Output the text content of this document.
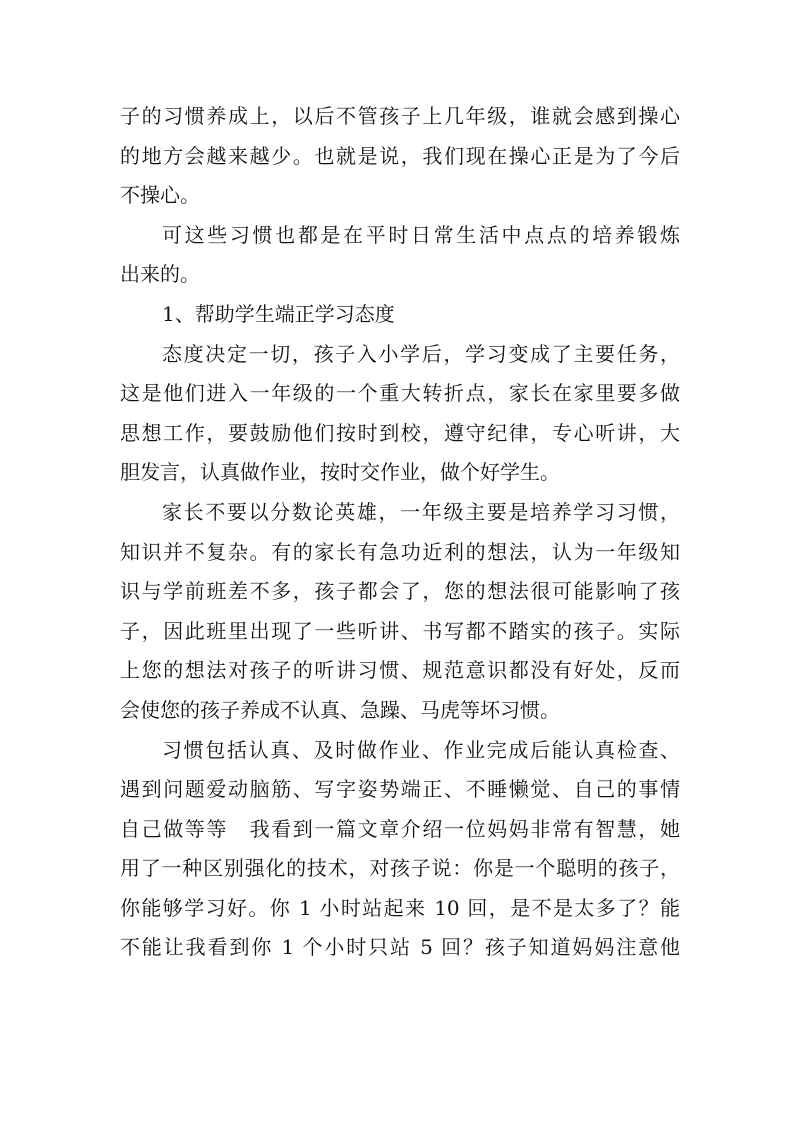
子的习惯养成上，以后不管孩子上几年级，谁就会感到操心
的地方会越来越少。也就是说，我们现在操心正是为了今后
不操心。
可这些习惯也都是在平时日常生活中点点的培养锻炼
出来的。
1、帮助学生端正学习态度
态度决定一切，孩子入小学后，学习变成了主要任务，
这是他们进入一年级的一个重大转折点，家长在家里要多做
思想工作，要鼓励他们按时到校，遵守纪律，专心听讲，大
胆发言，认真做作业，按时交作业，做个好学生。
家长不要以分数论英雄，一年级主要是培养学习习惯，
知识并不复杂。有的家长有急功近利的想法，认为一年级知
识与学前班差不多，孩子都会了，您的想法很可能影响了孩
子，因此班里出现了一些听讲、书写都不踏实的孩子。实际
上您的想法对孩子的听讲习惯、规范意识都没有好处，反而
会使您的孩子养成不认真、急躁、马虎等坏习惯。
习惯包括认真、及时做作业、作业完成后能认真检查、
遇到问题爱动脑筋、写字姿势端正、不睡懒觉、自己的事情
自己做等等　我看到一篇文章介绍一位妈妈非常有智慧，她
用了一种区别强化的技术，对孩子说：你是一个聪明的孩子，
你能够学习好。你 1 小时站起来 10 回，是不是太多了？能
不能让我看到你 1 个小时只站 5 回？孩子知道妈妈注意他
